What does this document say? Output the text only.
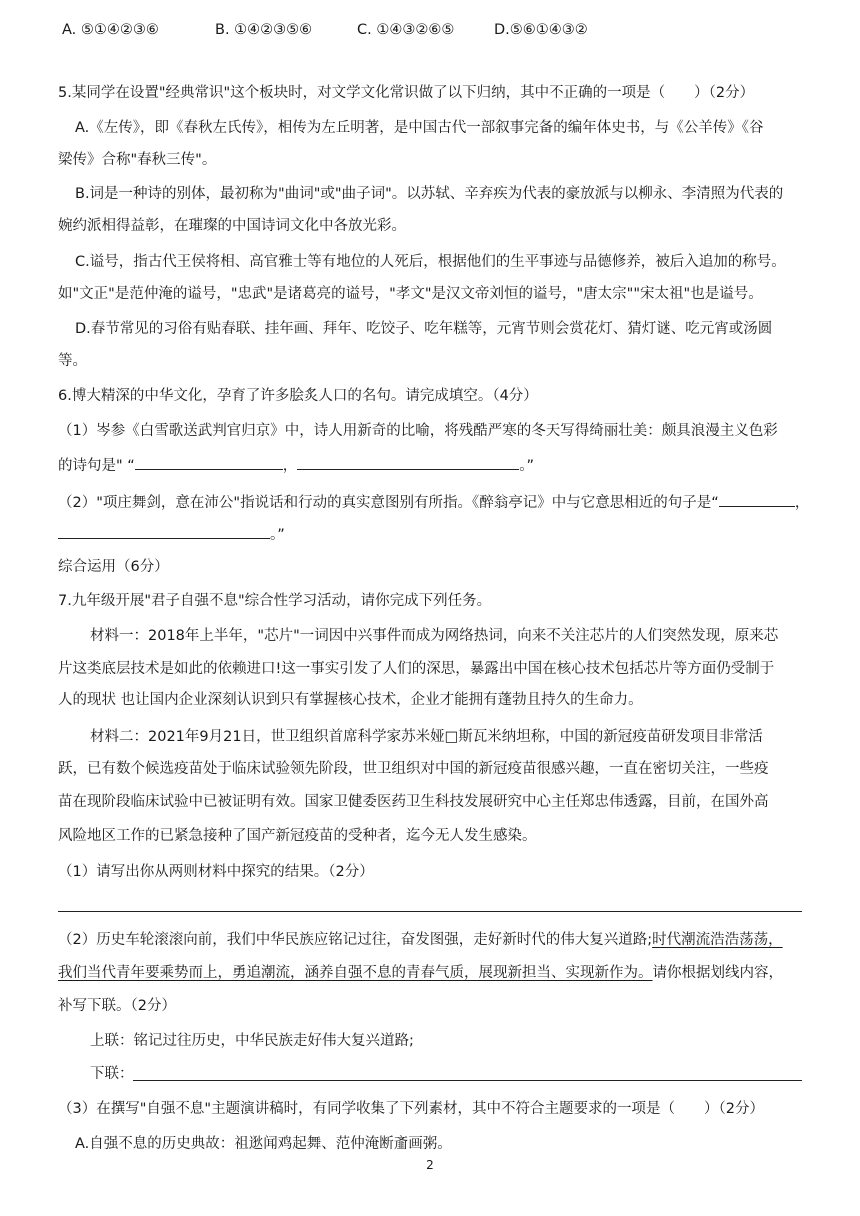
A. ⑤①④②③⑥	B. ①④②③⑤⑥	C. ①④③②⑥⑤	D.⑤⑥①④③②
5.某同学在设置"经典常识"这个板块时，对文学文化常识做了以下归纳，其中不正确的一项是（　　）（2分）
A.《左传》，即《春秋左氏传》，相传为左丘明著，是中国古代一部叙事完备的编年体史书，与《公羊传》《谷
梁传》合称"春秋三传"。
B.词是一种诗的别体，最初称为"曲词"或"曲子词"。以苏轼、辛弃疾为代表的豪放派与以柳永、李清照为代表的
婉约派相得益彰，在璀璨的中国诗词文化中各放光彩。
C.谥号，指古代王侯将相、高官雅士等有地位的人死后，根据他们的生平事迹与品德修养，被后入追加的称号。
如"文正"是范仲淹的谥号，"忠武"是诸葛亮的谥号，"孝文"是汉文帝刘恒的谥号，"唐太宗""宋太祖"也是谥号。
D.春节常见的习俗有贴春联、挂年画、拜年、吃饺子、吃年糕等，元宵节则会赏花灯、猜灯谜、吃元宵或汤圆
等。
6.博大精深的中华文化，孕育了许多脍炙人口的名句。请完成填空。（4分）
（1）岑参《白雪歌送武判官归京》中，诗人用新奇的比喻，将残酷严寒的冬天写得绮丽壮美：颇具浪漫主义色彩
的诗句是" “	，	。”
（2）"项庄舞剑，意在沛公"指说话和行动的真实意图别有所指。《醉翁亭记》中与它意思相近的句子是“	，
。”
综合运用（6分）
7.九年级开展"君子自强不息"综合性学习活动，请你完成下列任务。
材料一：2018年上半年，"芯片"一词因中兴事件而成为网络热词，向来不关注芯片的人们突然发现，原来芯
片这类底层技术是如此的依赖进口!这一事实引发了人们的深思，暴露出中国在核心技术包括芯片等方面仍受制于
人的现状 也让国内企业深刻认识到只有掌握核心技术，企业才能拥有蓬勃且持久的生命力。
材料二：2021年9月21日，世卫组织首席科学家苏米娅□斯瓦米纳坦称，中国的新冠疫苗研发项目非常活
跃，已有数个候选疫苗处于临床试验领先阶段，世卫组织对中国的新冠疫苗很感兴趣，一直在密切关注，一些疫
苗在现阶段临床试验中已被证明有效。国家卫健委医药卫生科技发展研究中心主任郑忠伟透露，目前，在国外高
风险地区工作的已紧急接种了国产新冠疫苗的受种者，迄今无人发生感染。
（1）请写出你从两则材料中探究的结果。（2分）
（2）历史车轮滚滚向前，我们中华民族应铭记过往，奋发图强，走好新时代的伟大复兴道路;时代潮流浩浩荡荡，
我们当代青年要乘势而上，勇追潮流，涵养自强不息的青春气质，展现新担当、实现新作为。请你根据划线内容，
补写下联。（2分）
上联：铭记过往历史，中华民族走好伟大复兴道路;
下联：
（3）在撰写"自强不息"主题演讲稿时，有同学收集了下列素材，其中不符合主题要求的一项是（　　）（2分）
A.自强不息的历史典故：祖逖闻鸡起舞、范仲淹断齑画粥。
2
